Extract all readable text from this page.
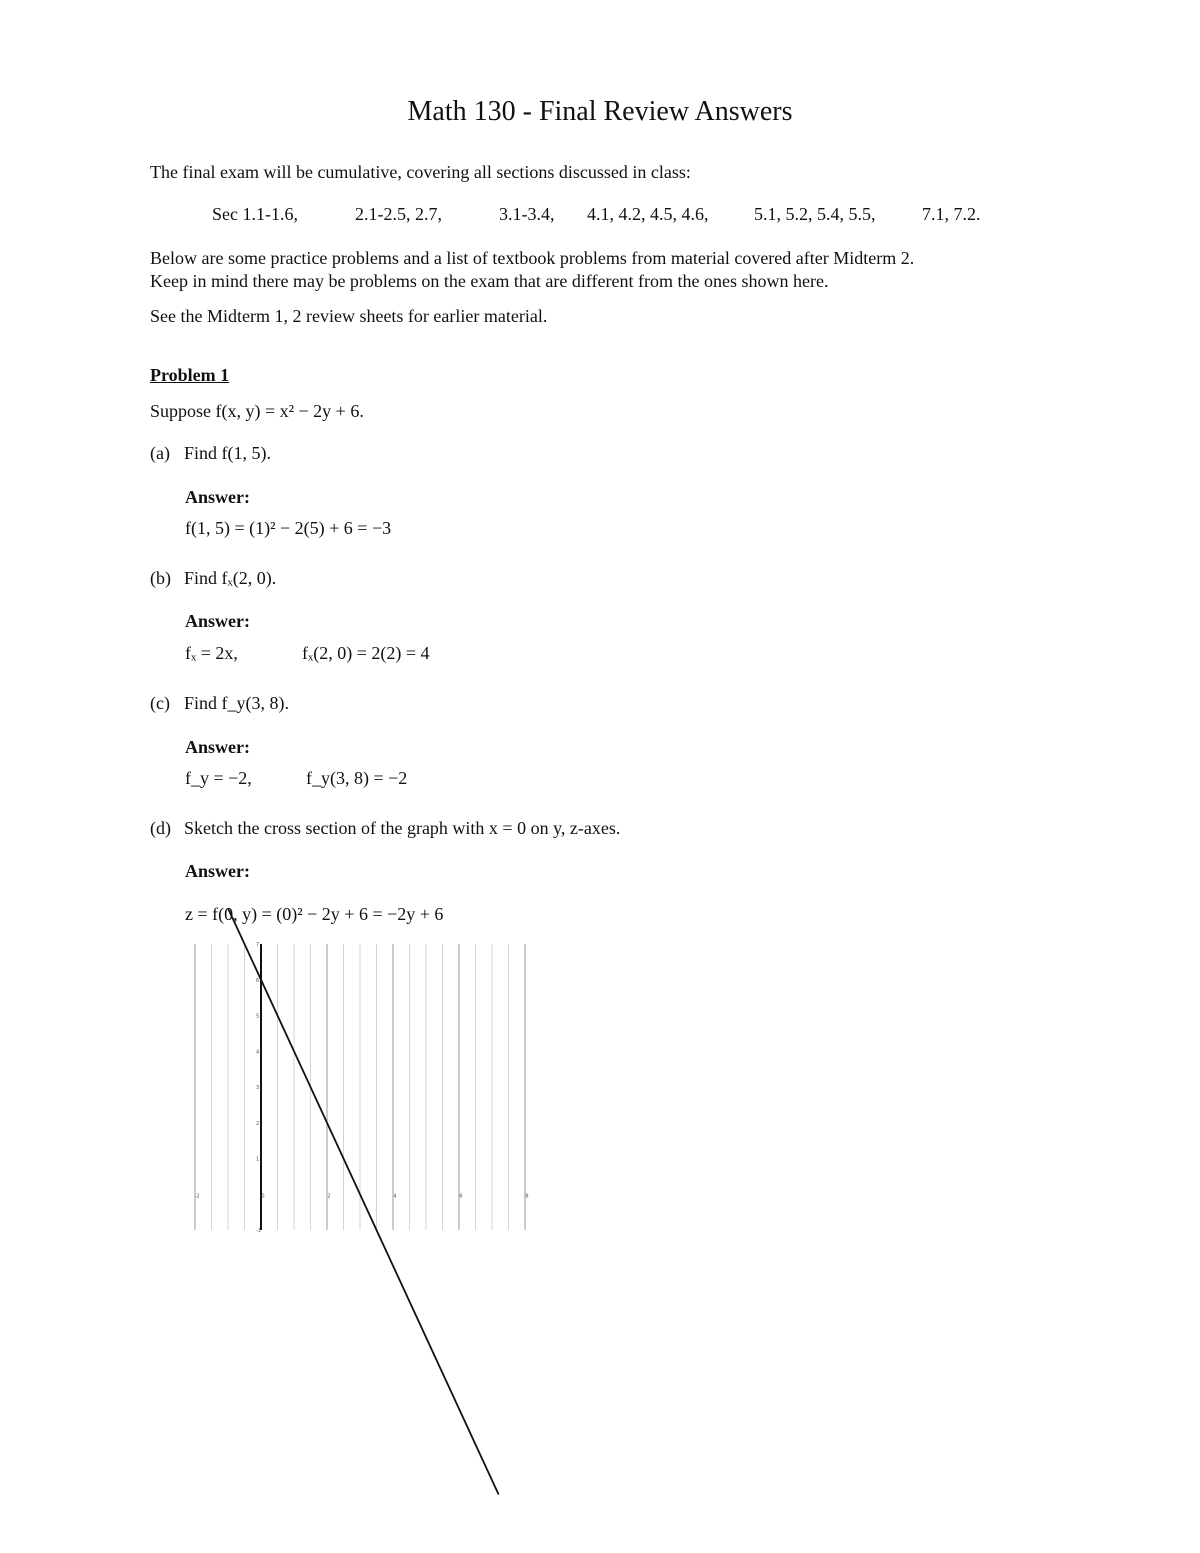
Math 130 - Final Review Answers
The final exam will be cumulative, covering all sections discussed in class:
Sec 1.1-1.6,	2.1-2.5, 2.7,	3.1-3.4, 4.1, 4.2, 4.5, 4.6,	5.1, 5.2, 5.4, 5.5,	7.1, 7.2.
Below are some practice problems and a list of textbook problems from material covered after Midterm 2.
Keep in mind there may be problems on the exam that are different from the ones shown here.
See the Midterm 1, 2 review sheets for earlier material.
Problem 1
Suppose f(x, y) = x² − 2y + 6.
(a) Find f(1, 5).
Answer:
f(1, 5) = (1)² − 2(5) + 6 = −3
(b) Find fₓ(2, 0).
Answer:
fₓ = 2x,	fₓ(2, 0) = 2(2) = 4
(c) Find f_y(3, 8).
Answer:
f_y = −2,	f_y(3, 8) = −2
(d) Sketch the cross section of the graph with x = 0 on y, z-axes.
Answer:
z = f(0, y) = (0)² − 2y + 6 = −2y + 6
-2	0	2	4	6	8
-1
1
2
3
4
5
6
7
